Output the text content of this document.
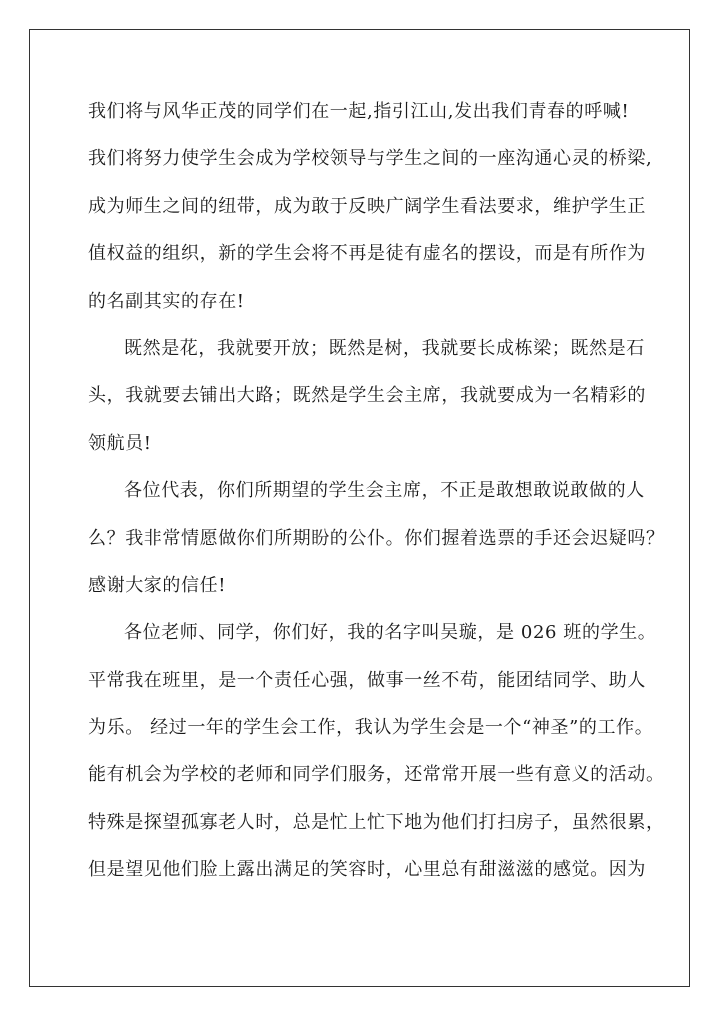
我们将与风华正茂的同学们在一起,指引江山,发出我们青春的呼喊!
我们将努力使学生会成为学校领导与学生之间的一座沟通心灵的桥梁,
成为师生之间的纽带，成为敢于反映广阔学生看法要求，维护学生正
值权益的组织，新的学生会将不再是徒有虚名的摆设，而是有所作为
的名副其实的存在!
既然是花，我就要开放；既然是树，我就要长成栋梁；既然是石
头，我就要去铺出大路；既然是学生会主席，我就要成为一名精彩的
领航员!
各位代表，你们所期望的学生会主席，不正是敢想敢说敢做的人
么？我非常情愿做你们所期盼的公仆。你们握着选票的手还会迟疑吗？
感谢大家的信任!
各位老师、同学，你们好，我的名字叫吴璇，是 026 班的学生。
平常我在班里，是一个责任心强，做事一丝不苟，能团结同学、助人
为乐。 经过一年的学生会工作，我认为学生会是一个“神圣”的工作。
能有机会为学校的老师和同学们服务，还常常开展一些有意义的活动。
特殊是探望孤寡老人时，总是忙上忙下地为他们打扫房子，虽然很累，
但是望见他们脸上露出满足的笑容时，心里总有甜滋滋的感觉。因为
